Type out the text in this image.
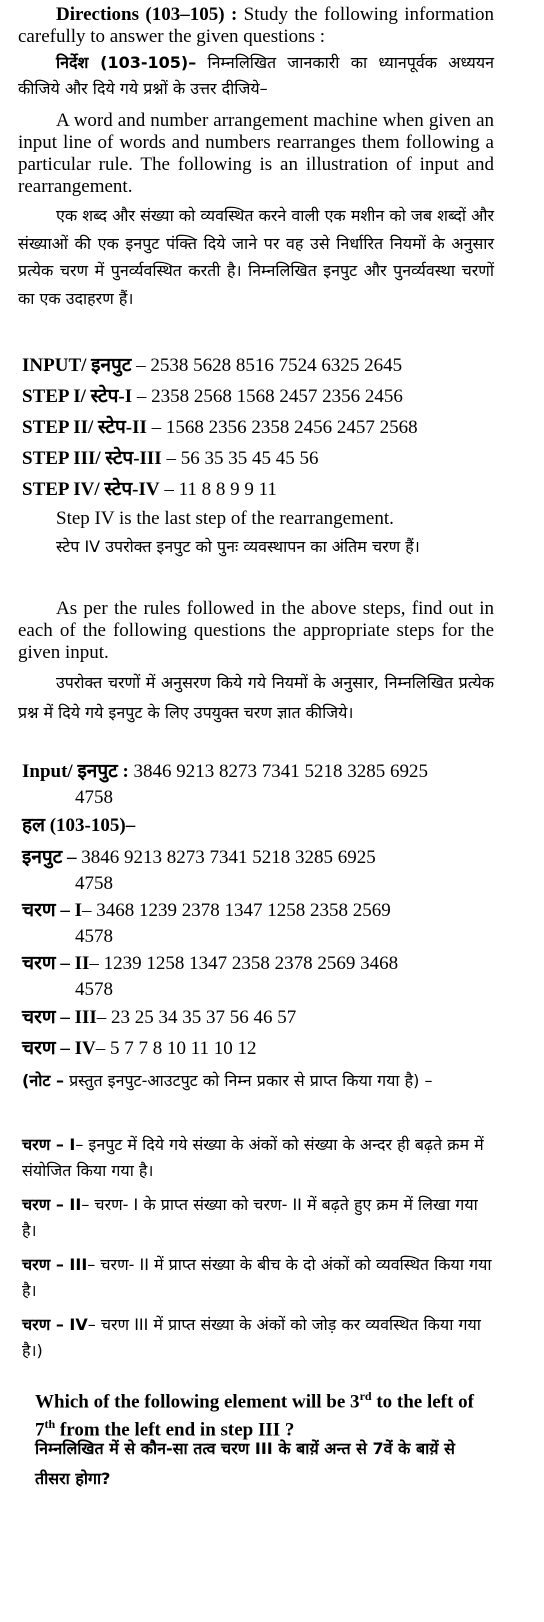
Directions (103–105) : Study the following information carefully to answer the given questions :

निर्देश (103-105)– निम्नलिखित जानकारी का ध्यानपूर्वक अध्ययन कीजिये और दिये गये प्रश्नों के उत्तर दीजिये–

A word and number arrangement machine when given an input line of words and numbers rearranges them following a particular rule. The following is an illustration of input and rearrangement.

एक शब्द और संख्या को व्यवस्थित करने वाली एक मशीन को जब शब्दों और संख्याओं की एक इनपुट पंक्ति दिये जाने पर वह उसे निर्धारित नियमों के अनुसार प्रत्येक चरण में पुनर्व्यवस्थित करती है। निम्नलिखित इनपुट और पुनर्व्यवस्था चरणों का एक उदाहरण हैं।

INPUT/ इनपुट – 2538 5628 8516 7524 6325 2645
STEP I/ स्टेप-I – 2358 2568 1568 2457 2356 2456
STEP II/ स्टेप-II – 1568 2356 2358 2456 2457 2568
STEP III/ स्टेप-III – 56 35 35 45 45 56
STEP IV/ स्टेप-IV – 11 8 8 9 9 11

Step IV is the last step of the rearrangement.

स्टेप IV उपरोक्त इनपुट को पुनः व्यवस्थापन का अंतिम चरण हैं।

As per the rules followed in the above steps, find out in each of the following questions the appropriate steps for the given input.

उपरोक्त चरणों में अनुसरण किये गये नियमों के अनुसार, निम्नलिखित प्रत्येक प्रश्न में दिये गये इनपुट के लिए उपयुक्त चरण ज्ञात कीजिये।

Input/ इनपुट : 3846 9213 8273 7341 5218 3285 6925
4758
हल (103-105)–
इनपुट – 3846 9213 8273 7341 5218 3285 6925
4758
चरण – I– 3468 1239 2378 1347 1258 2358 2569
4578
चरण – II– 1239 1258 1347 2358 2378 2569 3468
4578
चरण – III– 23 25 34 35 37 56 46 57
चरण – IV– 5 7 7 8 10 11 10 12
(नोट – प्रस्तुत इनपुट-आउटपुट को निम्न प्रकार से प्राप्त किया गया है) –
चरण – I– इनपुट में दिये गये संख्या के अंकों को संख्या के अन्दर ही बढ़ते क्रम में संयोजित किया गया है।
चरण – II– चरण- I के प्राप्त संख्या को चरण- II में बढ़ते हुए क्रम में लिखा गया है।
चरण – III– चरण- II में प्राप्त संख्या के बीच के दो अंकों को व्यवस्थित किया गया है।
चरण – IV– चरण III में प्राप्त संख्या के अंकों को जोड़ कर व्यवस्थित किया गया है।)
Which of the following element will be 3rd to the left of 7th from the left end in step III ?
निम्नलिखित में से कौन-सा तत्व चरण III के बाय़ें अन्त से 7वें के बाय़ें से तीसरा होगा?
